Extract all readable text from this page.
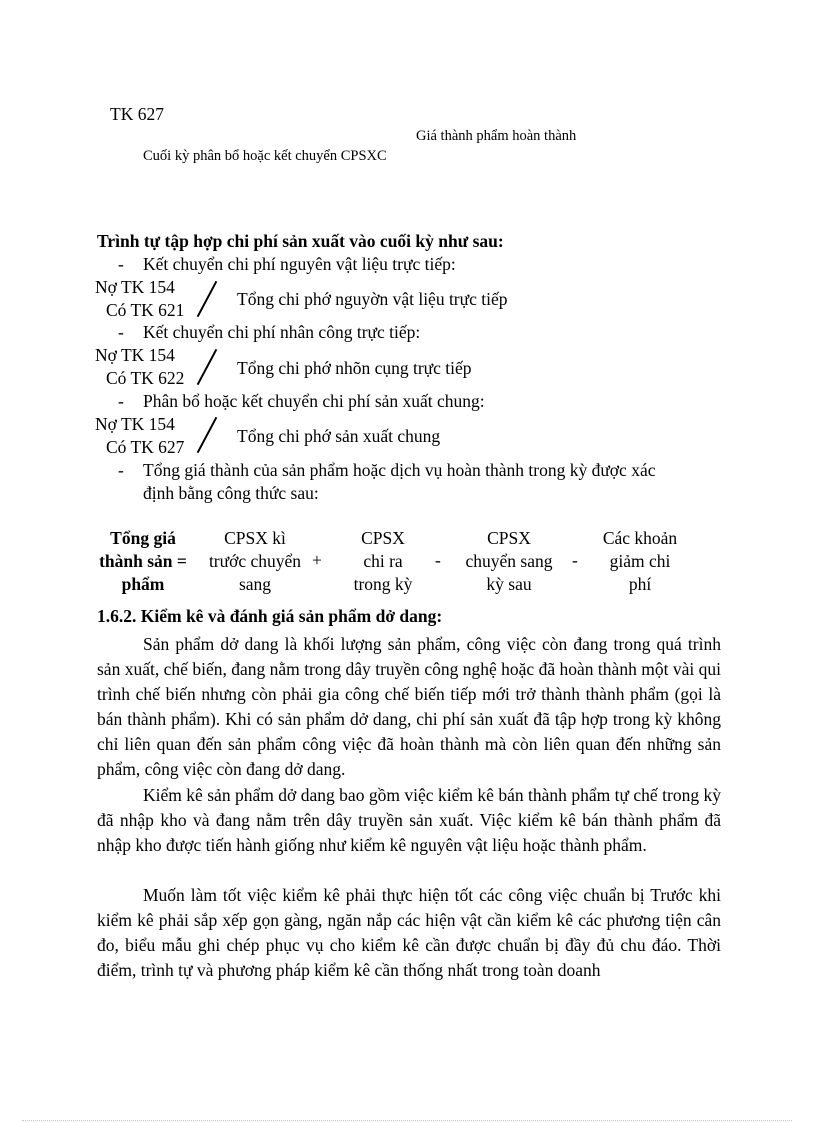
TK 627
Giá thành phẩm hoàn thành
Cuối kỳ phân bổ hoặc kết chuyển CPSXC
Trình tự tập hợp chi phí sản xuất vào cuối kỳ như sau:
- Kết chuyển chi phí nguyên vật liệu trực tiếp:
Nợ TK 154
Có TK 621
Tổng chi phớ nguyờn vật liệu trực tiếp
- Kết chuyển chi phí nhân công trực tiếp:
Nợ TK 154
Có TK 622	Tổng chi phớ nhõn cụng trực tiếp
- Phân bổ hoặc kết chuyển chi phí sản xuất chung:
Nợ TK 154
Có TK 627
Tổng chi phớ sản xuất chung
- Tổng giá thành của sản phẩm hoặc dịch vụ hoàn thành trong kỳ được xác
định bằng công thức sau:
Tổng giá
thành sản =
phẩm
CPSX kì
trước chuyển
sang
+
CPSX
chi ra
trong kỳ
-
CPSX
chuyển sang
kỳ sau
-
Các khoản
giảm chi
phí
1.6.2. Kiểm kê và đánh giá sản phẩm dở dang:
Sản phẩm dở dang là khối lượng sản phẩm, công việc còn đang trong quá trình sản xuất, chế biến, đang nằm trong dây truyền công nghệ hoặc đã hoàn thành một vài qui trình chế biến nhưng còn phải gia công chế biến tiếp mới trở thành thành phẩm (gọi là bán thành phẩm). Khi có sản phẩm dở dang, chi phí sản xuất đã tập hợp trong kỳ không chỉ liên quan đến sản phẩm công việc đã hoàn thành mà còn liên quan đến những sản phẩm, công việc còn đang dở dang.
Kiểm kê sản phẩm dở dang bao gồm việc kiểm kê bán thành phẩm tự chế trong kỳ đã nhập kho và đang nằm trên dây truyền sản xuất. Việc kiểm kê bán thành phẩm đã nhập kho được tiến hành giống như kiểm kê nguyên vật liệu hoặc thành phẩm.
Muốn làm tốt việc kiểm kê phải thực hiện tốt các công việc chuẩn bị Trước khi kiểm kê phải sắp xếp gọn gàng, ngăn nắp các hiện vật cần kiểm kê các phương tiện cân đo, biểu mẫu ghi chép phục vụ cho kiểm kê cần được chuẩn bị đầy đủ chu đáo. Thời điểm, trình tự và phương pháp kiểm kê cần thống nhất trong toàn doanh
